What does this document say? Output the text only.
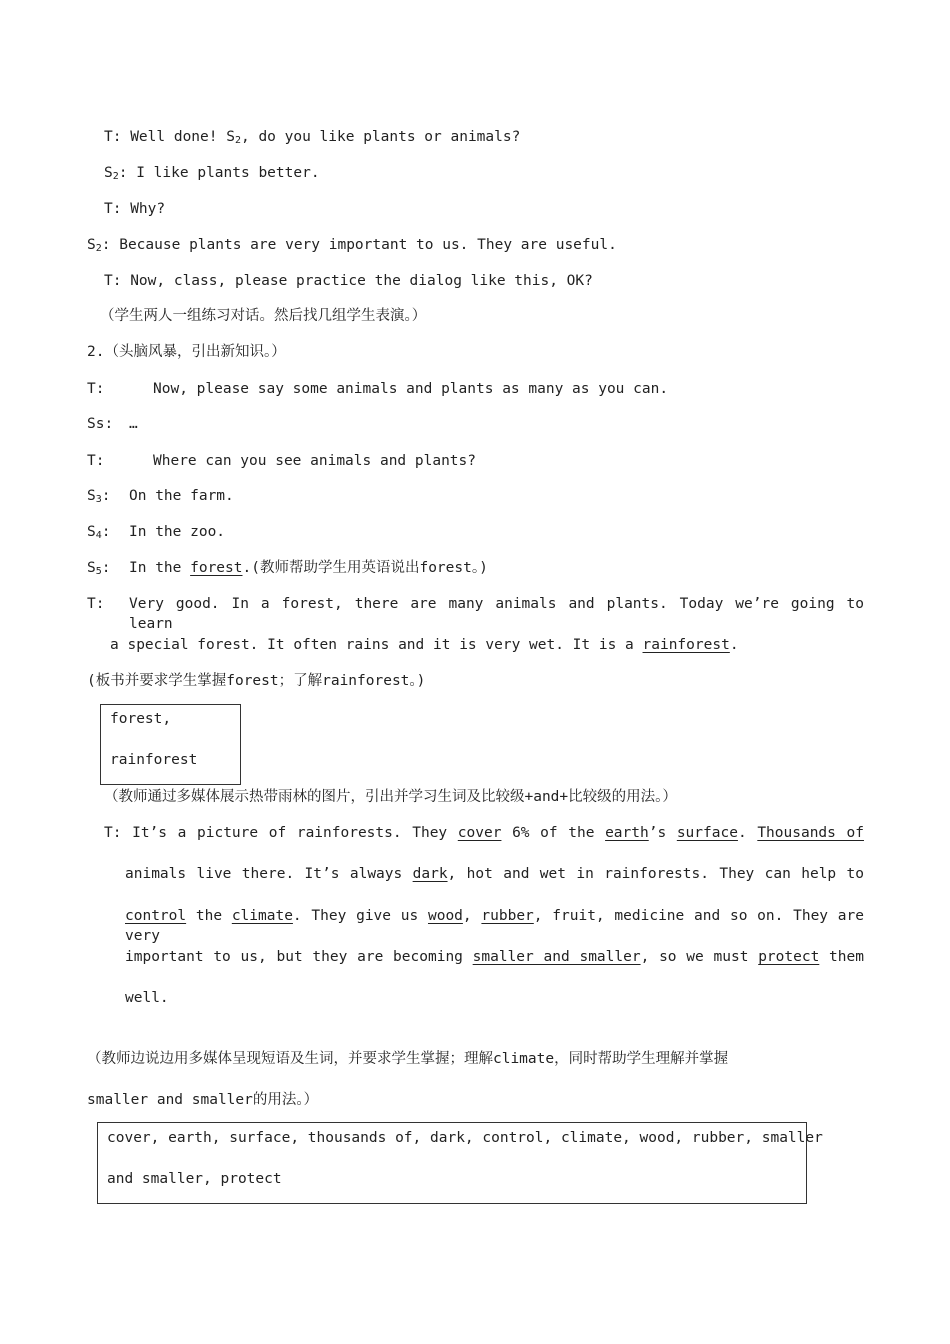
T: Well done! $S_2$, do you like plants or animals?
$S_2$: I like plants better.
T: Why?
$S_2$: Because plants are very important to us. They are useful.
T: Now, class, please practice the dialog like this, OK?
（学生两人一组练习对话。然后找几组学生表演。）
2.（头脑风暴，引出新知识。）
T:	Now, please say some animals and plants as many as you can.
Ss: …
T:	Where can you see animals and plants?
$S_3$: On the farm.
$S_4$: In the zoo.
$S_5$: In the forest.(教师帮助学生用英语说出forest。)
T: Very good. In a forest, there are many animals and plants. Today we’re going to learn
a special forest. It often rains and it is very wet. It is a rainforest.
(板书并要求学生掌握forest；了解rainforest。)
forest,
rainforest
（教师通过多媒体展示热带雨林的图片，引出并学习生词及比较级+and+比较级的用法。）
T: It’s a picture of rainforests. They cover 6% of the earth’s surface. Thousands of
animals live there. It’s always dark, hot and wet in rainforests. They can help to
control the climate. They give us wood, rubber, fruit, medicine and so on. They are very
important to us, but they are becoming smaller and smaller, so we must protect them
well.
（教师边说边用多媒体呈现短语及生词，并要求学生掌握；理解climate，同时帮助学生理解并掌握
smaller and smaller的用法。）
cover, earth, surface, thousands of, dark, control, climate, wood, rubber, smaller
and smaller, protect
